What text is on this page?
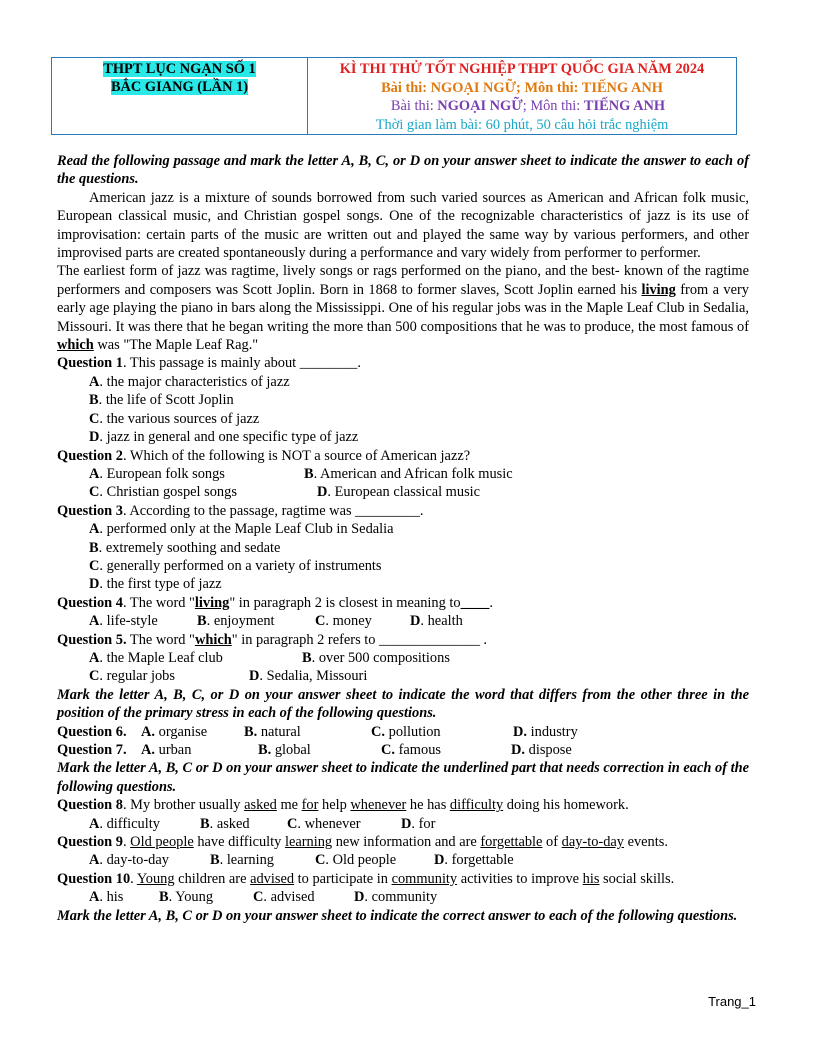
THPT LỤC NGẠN SỐ 1
BẮC GIANG (LẦN 1)	
KÌ THI THỬ TỐT NGHIỆP THPT QUỐC GIA NĂM 2024
Bài thi: NGOẠI NGỮ; Môn thi: TIẾNG ANH
Bài thi: NGOẠI NGỮ; Môn thi: TIẾNG ANH
Thời gian làm bài: 60 phút, 50 câu hỏi trắc nghiệm

Read the following passage and mark the letter A, B, C, or D on your answer sheet to indicate the answer to each of the questions.

American jazz is a mixture of sounds borrowed from such varied sources as American and African folk music, European classical music, and Christian gospel songs. One of the recognizable characteristics of jazz is its use of improvisation: certain parts of the music are written out and played the same way by various performers, and other improvised parts are created spontaneously during a performance and vary widely from performer to performer.

The earliest form of jazz was ragtime, lively songs or rags performed on the piano, and the best- known of the ragtime performers and composers was Scott Joplin. Born in 1868 to former slaves, Scott Joplin earned his living from a very early age playing the piano in bars along the Mississippi. One of his regular jobs was in the Maple Leaf Club in Sedalia, Missouri. It was there that he began writing the more than 500 compositions that he was to produce, the most famous of which was "The Maple Leaf Rag."

Question 1. This passage is mainly about ________.

A. the major characteristics of jazz

B. the life of Scott Joplin

C. the various sources of jazz

D. jazz in general and one specific type of jazz

Question 2. Which of the following is NOT a source of American jazz?

A. European folk songs	B. American and African folk music

C. Christian gospel songs	D. European classical music

Question 3. According to the passage, ragtime was _________.

A. performed only at the Maple Leaf Club in Sedalia

B. extremely soothing and sedate

C. generally performed on a variety of instruments

D. the first type of jazz

Question 4. The word "living" in paragraph 2 is closest in meaning to____.

A. life-style	B. enjoyment	C. money	D. health

Question 5. The word "which" in paragraph 2 refers to ______________ .

A. the Maple Leaf club	B. over 500 compositions

C. regular jobs	D. Sedalia, Missouri

Mark the letter A, B, C, or D on your answer sheet to indicate the word that differs from the other three in the position of the primary stress in each of the following questions.

Question 6. A. organise	B. natural	C. pollution	D. industry

Question 7. A. urban	B. global	C. famous	D. dispose

Mark the letter A, B, C or D on your answer sheet to indicate the underlined part that needs correction in each of the following questions.

Question 8. My brother usually asked me for help whenever he has difficulty doing his homework.

A. difficulty	B. asked	C. whenever	D. for

Question 9. Old people have difficulty learning new information and are forgettable of day-to-day events.

A. day-to-day	B. learning	C. Old people	D. forgettable

Question 10. Young children are advised to participate in community activities to improve his social skills.

A. his B. Young	C. advised	D. community

Mark the letter A, B, C or D on your answer sheet to indicate the correct answer to each of the following questions.

Trang_1
